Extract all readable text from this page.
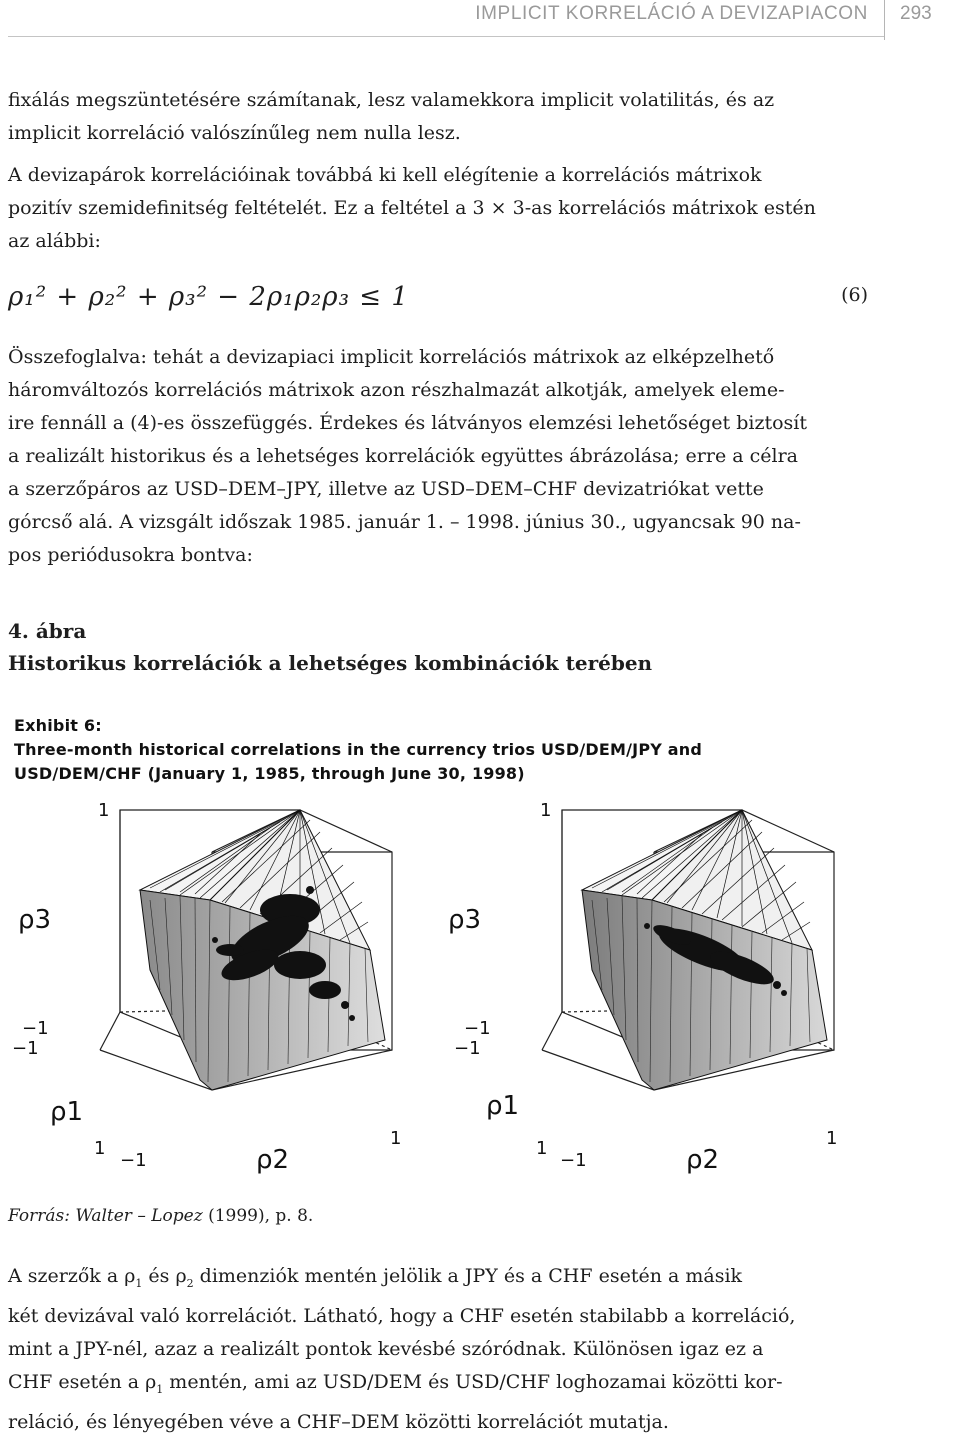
IMPLICIT KORRELÁCIÓ A DEVIZAPIACON 293
fixálás megszüntetésére számítanak, lesz valamekkora implicit volatilitás, és az
implicit korreláció valószínűleg nem nulla lesz.
A devizapárok korrelációinak továbbá ki kell elégítenie a korrelációs mátrixok
pozitív szemidefinitség feltételét. Ez a feltétel a 3 × 3-as korrelációs mátrixok estén
az alábbi:
ρ₁² + ρ₂² + ρ₃² − 2ρ₁ρ₂ρ₃ ≤ 1	(6)
Összefoglalva: tehát a devizapiaci implicit korrelációs mátrixok az elképzelhető
háromváltozós korrelációs mátrixok azon részhalmazát alkotják, amelyek eleme-
ire fennáll a (4)-es összefüggés. Érdekes és látványos elemzési lehetőséget biztosít
a realizált historikus és a lehetséges korrelációk együttes ábrázolása; erre a célra
a szerzőpáros az USD–DEM–JPY, illetve az USD–DEM–CHF devizatriókat vette
górcső alá. A vizsgált időszak 1985. január 1. – 1998. június 30., ugyancsak 90 na-
pos periódusokra bontva:
4. ábra
Historikus korrelációk a lehetséges kombinációk terében
Exhibit 6:
Three-month historical correlations in the currency trios USD/DEM/JPY and
USD/DEM/CHF (January 1, 1985, through June 30, 1998)
1
ρ3
−1
−1
ρ1
1
−1	ρ2
1
1
ρ3
−1
−1
ρ1
1
−1	ρ2
1
Forrás: Walter – Lopez (1999), p. 8.
A szerzők a $\rho_1$ és $\rho_2$ dimenziók mentén jelölik a JPY és a CHF esetén a másik
két devizával való korrelációt. Látható, hogy a CHF esetén stabilabb a korreláció,
mint a JPY-nél, azaz a realizált pontok kevésbé szóródnak. Különösen igaz ez a
CHF esetén a $\rho_1$ mentén, ami az USD/DEM és USD/CHF loghozamai közötti kor-
reláció, és lényegében véve a CHF–DEM közötti korrelációt mutatja.
